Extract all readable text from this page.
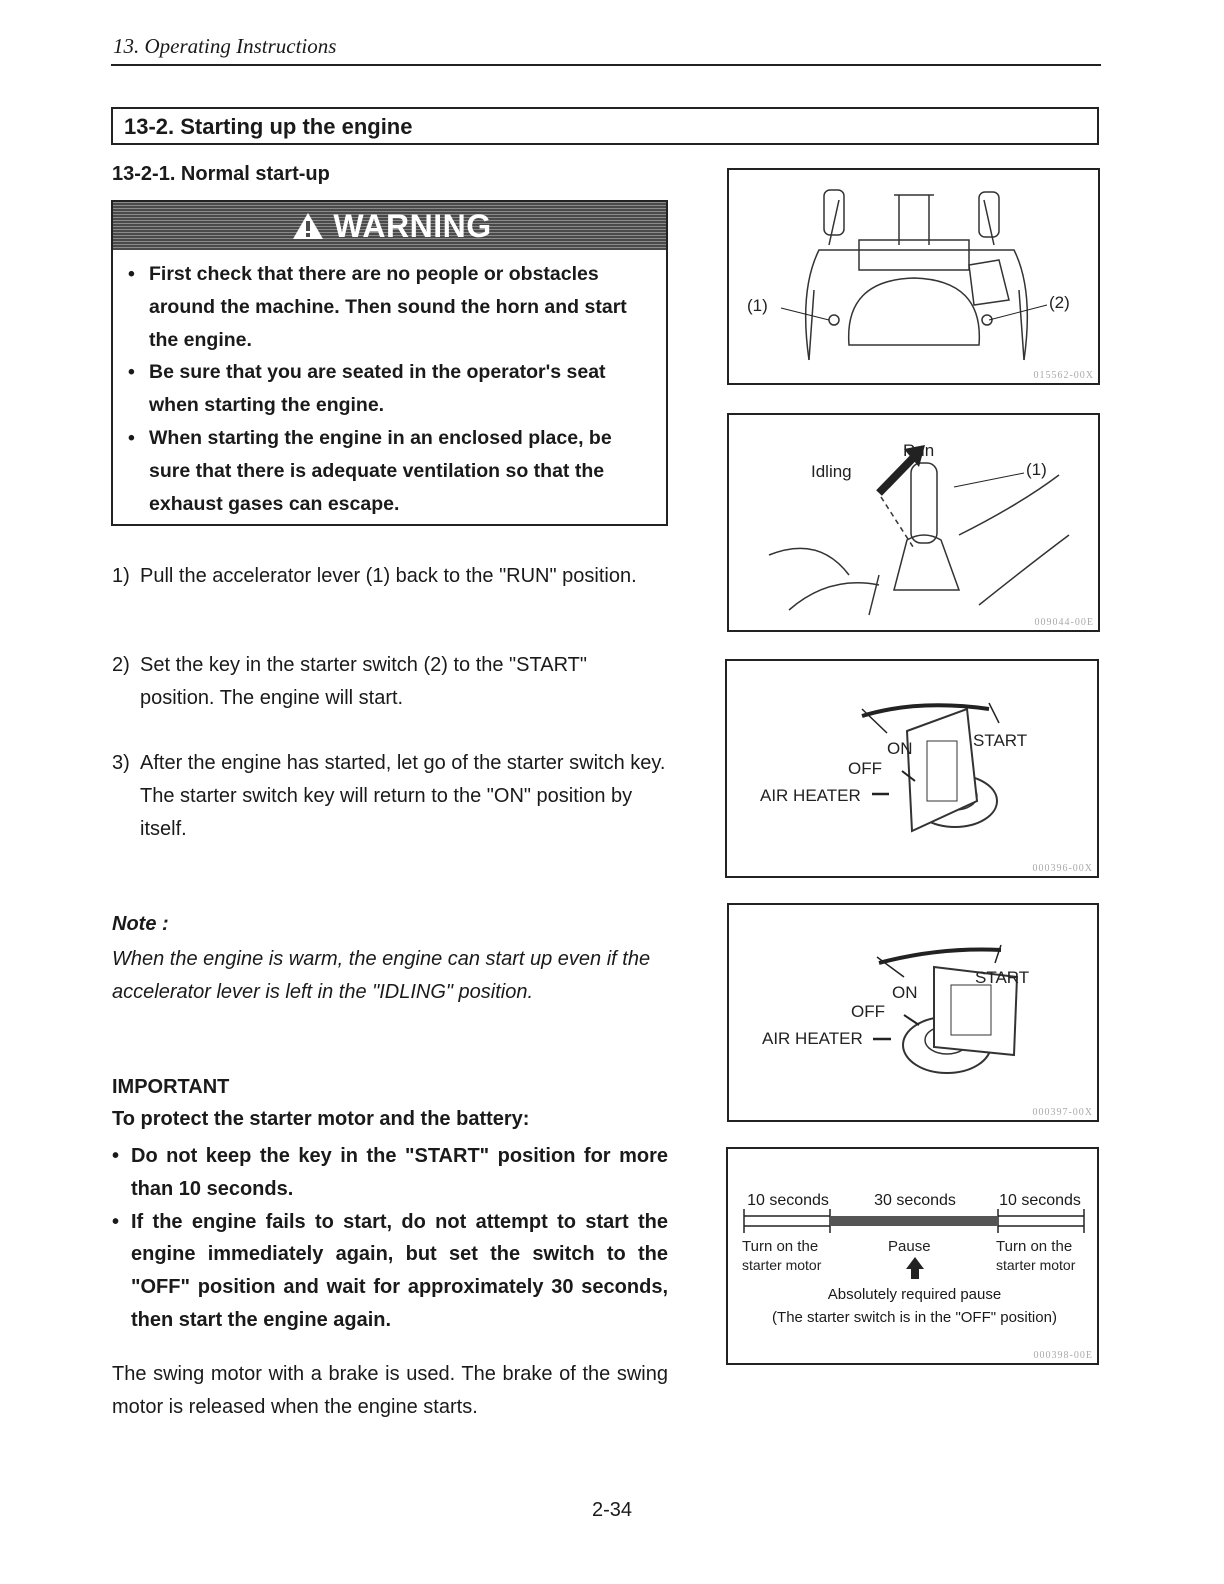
13. Operating Instructions
13-2. Starting up the engine
13-2-1. Normal start-up
WARNING
• First check that there are no people or obstacles around the machine. Then sound the horn and start the engine.
• Be sure that you are seated in the operator's seat when starting the engine.
• When starting the engine in an enclosed place, be sure that there is adequate ventilation so that the exhaust gases can escape.
1) Pull the accelerator lever (1) back to the "RUN" position.
2) Set the key in the starter switch (2) to the "START" position. The engine will start.
3) After the engine has started, let go of the starter switch key.
The starter switch key will return to the "ON" position by itself.
Note :
When the engine is warm, the engine can start up even if the accelerator lever is left in the "IDLING" position.
IMPORTANT
To protect the starter motor and the battery:
• Do not keep the key in the "START" position for more than 10 seconds.
• If the engine fails to start, do not attempt to start the engine immediately again, but set the switch to the "OFF" position and wait for approximately 30 seconds, then start the engine again.
The swing motor with a brake is used. The brake of the swing motor is released when the engine starts.
2-34
(1)	(2)
015562-00X
Run
Idling	(1)
009044-00E
START
ON
OFF
AIR HEATER
000396-00X
START
ON
OFF
AIR HEATER
000397-00X
10 seconds	30 seconds	10 seconds
Turn on the
starter motor
Pause	Turn on the
starter motor
Absolutely required pause
(The starter switch is in the "OFF" position)
000398-00E
